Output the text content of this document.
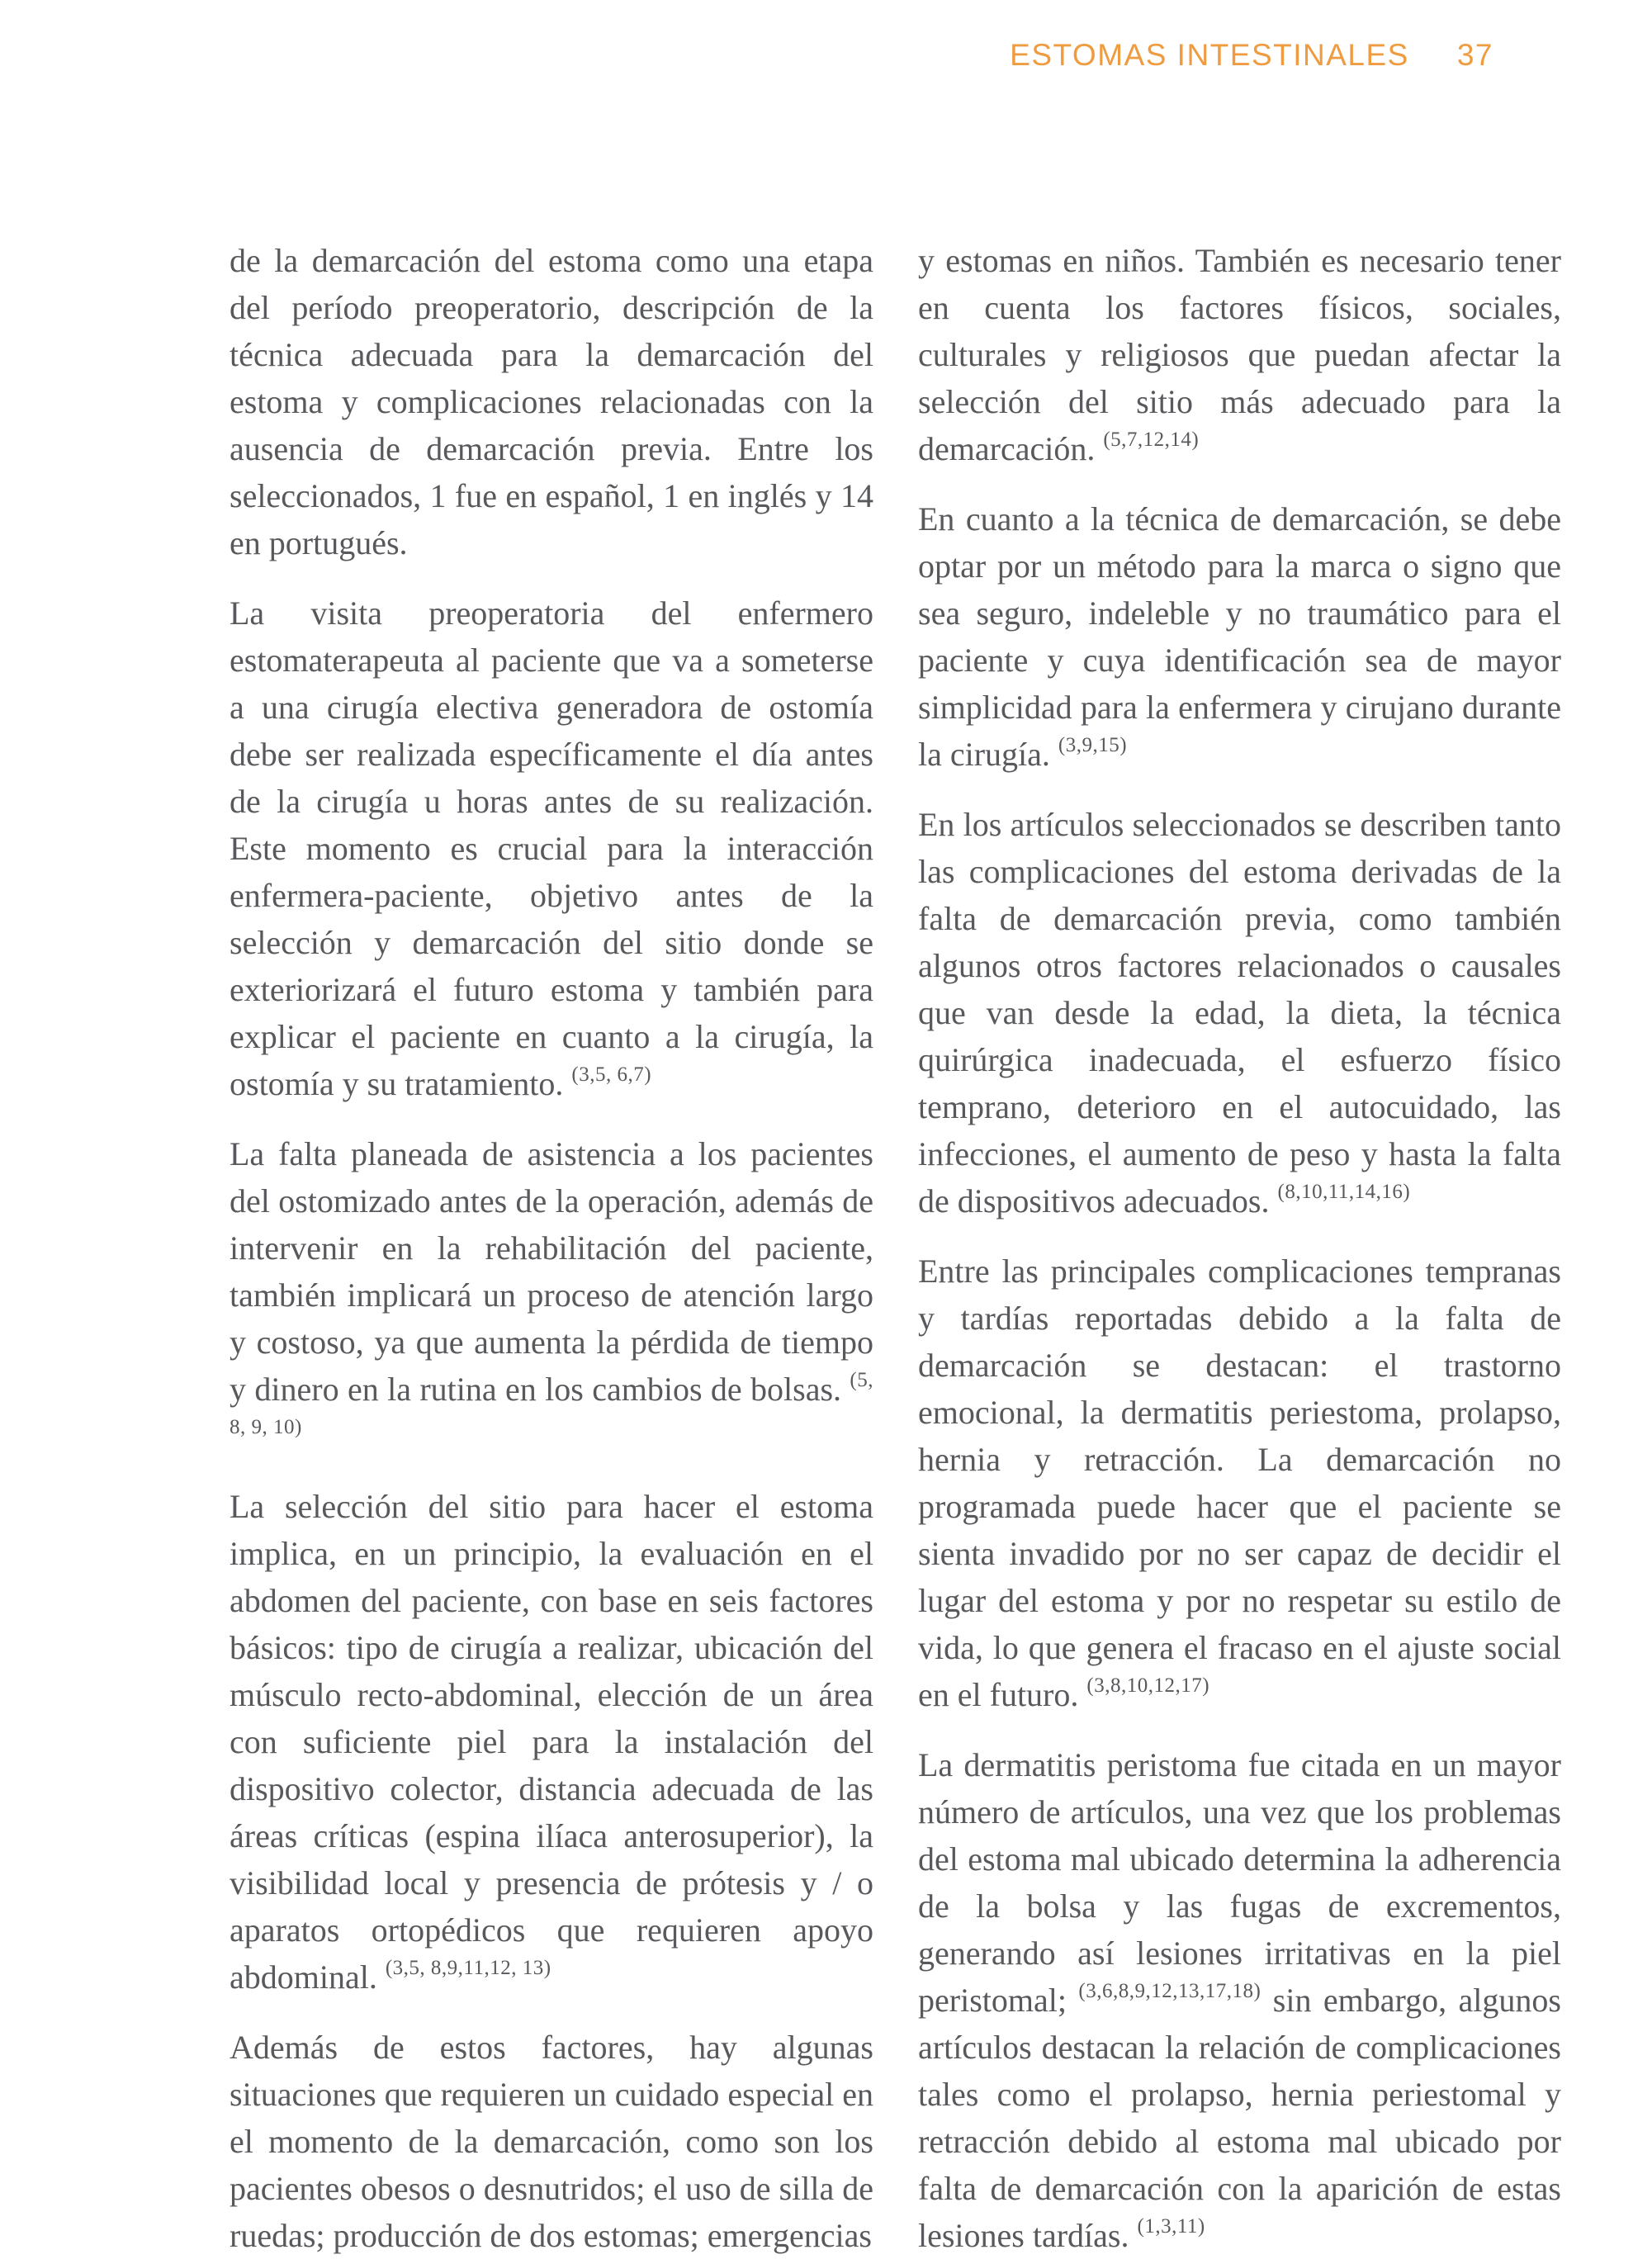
ESTOMAS INTESTINALES 37

de la demarcación del estoma como una etapa del período preoperatorio, descripción de la técnica adecuada para la demarcación del estoma y complicaciones relacionadas con la ausencia de demarcación previa. Entre los seleccionados, 1 fue en español, 1 en inglés y 14 en portugués.

La visita preoperatoria del enfermero estomaterapeuta al paciente que va a someterse a una cirugía electiva generadora de ostomía debe ser realizada específicamente el día antes de la cirugía u horas antes de su realización. Este momento es crucial para la interacción enfermera-paciente, objetivo antes de la selección y demarcación del sitio donde se exteriorizará el futuro estoma y también para explicar el paciente en cuanto a la cirugía, la ostomía y su tratamiento. $^{(3,5, 6,7)}$

La falta planeada de asistencia a los pacientes del ostomizado antes de la operación, además de intervenir en la rehabilitación del paciente, también implicará un proceso de atención largo y costoso, ya que aumenta la pérdida de tiempo y dinero en la rutina en los cambios de bolsas. $^{(5, 8, 9, 10)}$

La selección del sitio para hacer el estoma implica, en un principio, la evaluación en el abdomen del paciente, con base en seis factores básicos: tipo de cirugía a realizar, ubicación del músculo recto-abdominal, elección de un área con suficiente piel para la instalación del dispositivo colector, distancia adecuada de las áreas críticas (espina ilíaca anterosuperior), la visibilidad local y presencia de prótesis y / o aparatos ortopédicos que requieren apoyo abdominal. $^{(3,5, 8,9,11,12, 13)}$

Además de estos factores, hay algunas situaciones que requieren un cuidado especial en el momento de la demarcación, como son los pacientes obesos o desnutridos; el uso de silla de ruedas; producción de dos estomas; emergencias

y estomas en niños. También es necesario tener en cuenta los factores físicos, sociales, culturales y religiosos que puedan afectar la selección del sitio más adecuado para la demarcación. $^{(5,7,12,14)}$

En cuanto a la técnica de demarcación, se debe optar por un método para la marca o signo que sea seguro, indeleble y no traumático para el paciente y cuya identificación sea de mayor simplicidad para la enfermera y cirujano durante la cirugía. $^{(3,9,15)}$

En los artículos seleccionados se describen tanto las complicaciones del estoma derivadas de la falta de demarcación previa, como también algunos otros factores relacionados o causales que van desde la edad, la dieta, la técnica quirúrgica inadecuada, el esfuerzo físico temprano, deterioro en el autocuidado, las infecciones, el aumento de peso y hasta la falta de dispositivos adecuados. $^{(8,10,11,14,16)}$

Entre las principales complicaciones tempranas y tardías reportadas debido a la falta de demarcación se destacan: el trastorno emocional, la dermatitis periestoma, prolapso, hernia y retracción. La demarcación no programada puede hacer que el paciente se sienta invadido por no ser capaz de decidir el lugar del estoma y por no respetar su estilo de vida, lo que genera el fracaso en el ajuste social en el futuro. $^{(3,8,10,12,17)}$

La dermatitis peristoma fue citada en un mayor número de artículos, una vez que los problemas del estoma mal ubicado determina la adherencia de la bolsa y las fugas de excrementos, generando así lesiones irritativas en la piel peristomal; $^{(3,6,8,9,12,13,17,18)}$ sin embargo, algunos artículos destacan la relación de complicaciones tales como el prolapso, hernia periestomal y retracción debido al estoma mal ubicado por falta de demarcación con la aparición de estas lesiones tardías. $^{(1,3,11)}$
